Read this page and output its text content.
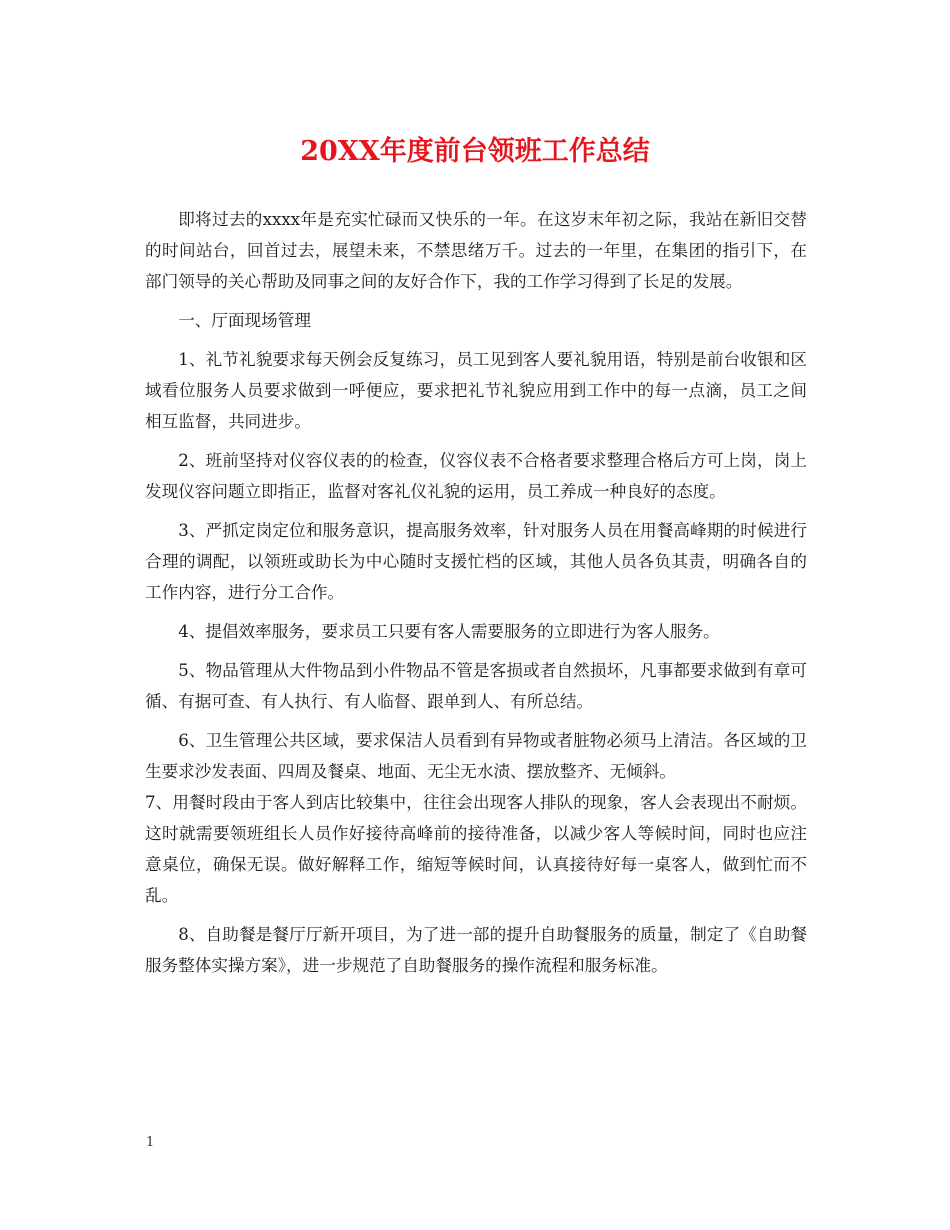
20XX年度前台领班工作总结

即将过去的xxxx年是充实忙碌而又快乐的一年。在这岁末年初之际，我站在新旧交替的时间站台，回首过去，展望未来，不禁思绪万千。过去的一年里，在集团的指引下，在部门领导的关心帮助及同事之间的友好合作下，我的工作学习得到了长足的发展。

一、厅面现场管理

1、礼节礼貌要求每天例会反复练习，员工见到客人要礼貌用语，特别是前台收银和区域看位服务人员要求做到一呼便应，要求把礼节礼貌应用到工作中的每一点滴，员工之间相互监督，共同进步。

2、班前坚持对仪容仪表的的检查，仪容仪表不合格者要求整理合格后方可上岗，岗上发现仪容问题立即指正，监督对客礼仪礼貌的运用，员工养成一种良好的态度。

3、严抓定岗定位和服务意识，提高服务效率，针对服务人员在用餐高峰期的时候进行合理的调配，以领班或助长为中心随时支援忙档的区域，其他人员各负其责，明确各自的工作内容，进行分工合作。

4、提倡效率服务，要求员工只要有客人需要服务的立即进行为客人服务。

5、物品管理从大件物品到小件物品不管是客损或者自然损坏，凡事都要求做到有章可循、有据可查、有人执行、有人临督、跟单到人、有所总结。

6、卫生管理公共区域，要求保洁人员看到有异物或者脏物必须马上清洁。各区域的卫生要求沙发表面、四周及餐桌、地面、无尘无水渍、摆放整齐、无倾斜。

7、用餐时段由于客人到店比较集中，往往会出现客人排队的现象，客人会表现出不耐烦。这时就需要领班组长人员作好接待高峰前的接待准备，以减少客人等候时间，同时也应注意桌位，确保无误。做好解释工作，缩短等候时间，认真接待好每一桌客人，做到忙而不乱。

8、自助餐是餐厅厅新开项目，为了进一部的提升自助餐服务的质量，制定了《自助餐服务整体实操方案》，进一步规范了自助餐服务的操作流程和服务标准。

1
